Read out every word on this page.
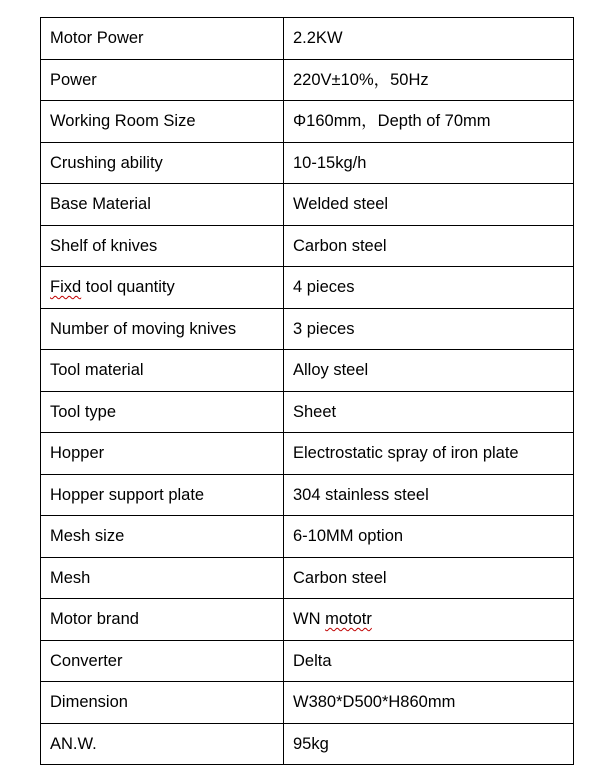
Motor Power	2.2KW
Power	220V±10%，50Hz
Working Room Size	Φ160mm，Depth of 70mm
Crushing ability	10-15kg/h
Base Material	Welded steel
Shelf of knives	Carbon steel
Fixd tool quantity	4 pieces
Number of moving knives	3 pieces
Tool material	Alloy steel
Tool type	Sheet
Hopper	Electrostatic spray of iron plate
Hopper support plate	304 stainless steel
Mesh size	6-10MM option
Mesh	Carbon steel
Motor brand	WN mototr
Converter	Delta
Dimension	W380*D500*H860mm
AN.W.	95kg
